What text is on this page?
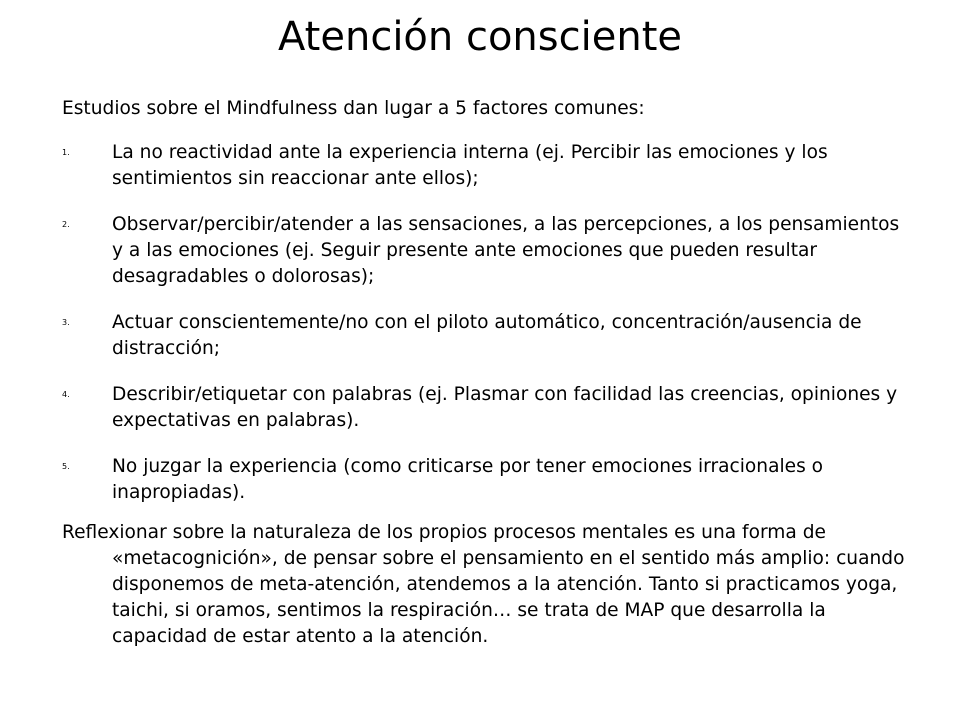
Atención consciente

Estudios sobre el Mindfulness dan lugar a 5 factores comunes:

1. La no reactividad ante la experiencia interna (ej. Percibir las emociones y los sentimientos sin reaccionar ante ellos);
2. Observar/percibir/atender a las sensaciones, a las percepciones, a los pensamientos y a las emociones (ej. Seguir presente ante emociones que pueden resultar desagradables o dolorosas);
3. Actuar conscientemente/no con el piloto automático, concentración/ausencia de distracción;
4. Describir/etiquetar con palabras (ej. Plasmar con facilidad las creencias, opiniones y expectativas en palabras).
5. No juzgar la experiencia (como criticarse por tener emociones irracionales o inapropiadas).

Reflexionar sobre la naturaleza de los propios procesos mentales es una forma de «metacognición», de pensar sobre el pensamiento en el sentido más amplio: cuando disponemos de meta-atención, atendemos a la atención. Tanto si practicamos yoga, taichi, si oramos, sentimos la respiración… se trata de MAP que desarrolla la capacidad de estar atento a la atención.
